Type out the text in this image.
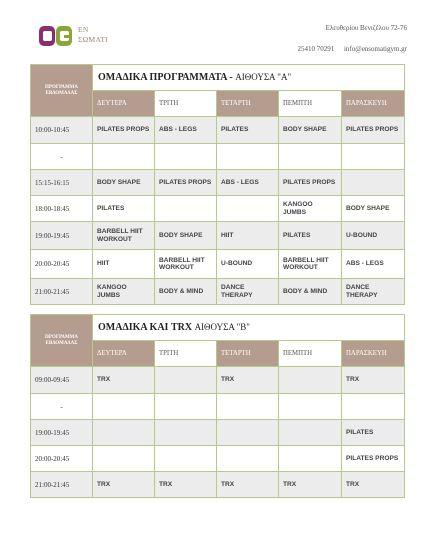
EN
ΣΩΜΑΤΙ
Ελευθερίου Βενιζέλου 72-76
25410 70291 info@ensomatigym.gr
ΠΡΟΓΡΑΜΜΑ ΕΒΔΟΜΑΔΑΣ	ΟΜΑΔΙΚΑ ΠΡΟΓΡΑΜΜΑΤΑ - ΑΙΘΟΥΣΑ "Α"				
	ΔΕΥΤΕΡΑ	ΤΡΙΤΗ	ΤΕΤΑΡΤΗ	ΠΕΜΠΤΗ	ΠΑΡΑΣΚΕΥΗ
10:00-10:45	PILATES PROPS	ABS - LEGS	PILATES	BODY SHAPE	PILATES PROPS
-					
15:15-16:15	BODY SHAPE	PILATES PROPS	ABS - LEGS	PILATES PROPS	
18:00-18:45	PILATES			KANGOO JUMBS	BODY SHAPE
19:00-19:45	BARBELL HIIT WORKOUT	BODY SHAPE	HIIT	PILATES	U-BOUND
20:00-20:45	HIIT	BARBELL HIIT WORKOUT	U-BOUND	BARBELL HIIT WORKOUT	ABS - LEGS
21:00-21:45	KANGOO JUMBS	BODY & MIND	DANCE THERAPY	BODY & MIND	DANCE THERAPY
ΠΡΟΓΡΑΜΜΑ ΕΒΔΟΜΑΔΑΣ	ΟΜΑΔΙΚΑ ΚΑΙ TRX ΑΙΘΟΥΣΑ "Β"				
	ΔΕΥΤΕΡΑ	ΤΡΙΤΗ	ΤΕΤΑΡΤΗ	ΠΕΜΠΤΗ	ΠΑΡΑΣΚΕΥΗ
09:00-09:45	TRX		TRX		TRX
-					
19:00-19:45					PILATES
20:00-20:45					PILATES PROPS
21:00-21:45	TRX	TRX	TRX	TRX	TRX
